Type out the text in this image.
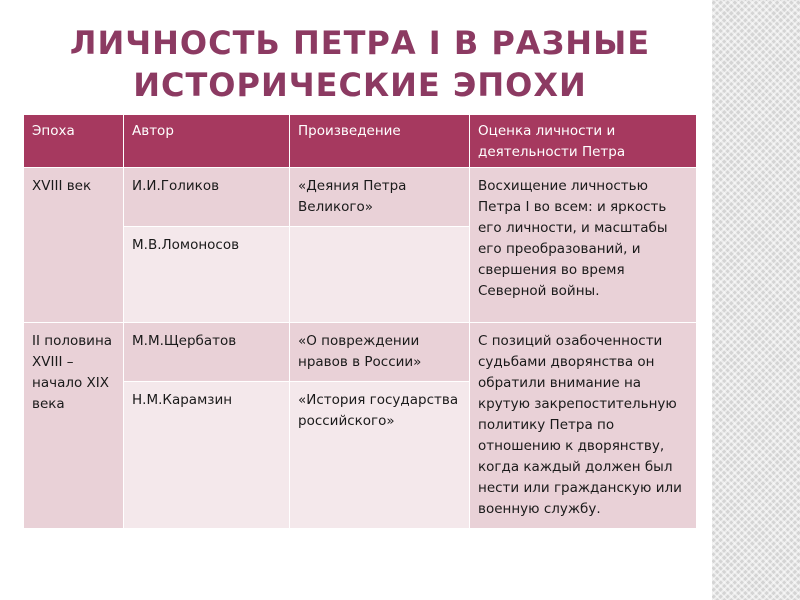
ЛИЧНОСТЬ ПЕТРА I В РАЗНЫЕ
ИСТОРИЧЕСКИЕ ЭПОХИ
Эпоха	Автор	Произведение	Оценка личности и деятельности Петра
XVIII век	И.И.Голиков	«Деяния Петра Великого»	Восхищение личностью Петра I во всем: и яркость его личности, и масштабы его преобразований, и свершения во время Северной войны.
	М.В.Ломоносов		
II половина XVIII – начало XIX века	М.М.Щербатов	«О повреждении нравов в России»	С позиций озабоченности судьбами дворянства он обратили внимание на крутую закрепостительную политику Петра по отношению к дворянству, когда каждый должен был нести или гражданскую или военную службу.
	Н.М.Карамзин	«История государства российского»	
